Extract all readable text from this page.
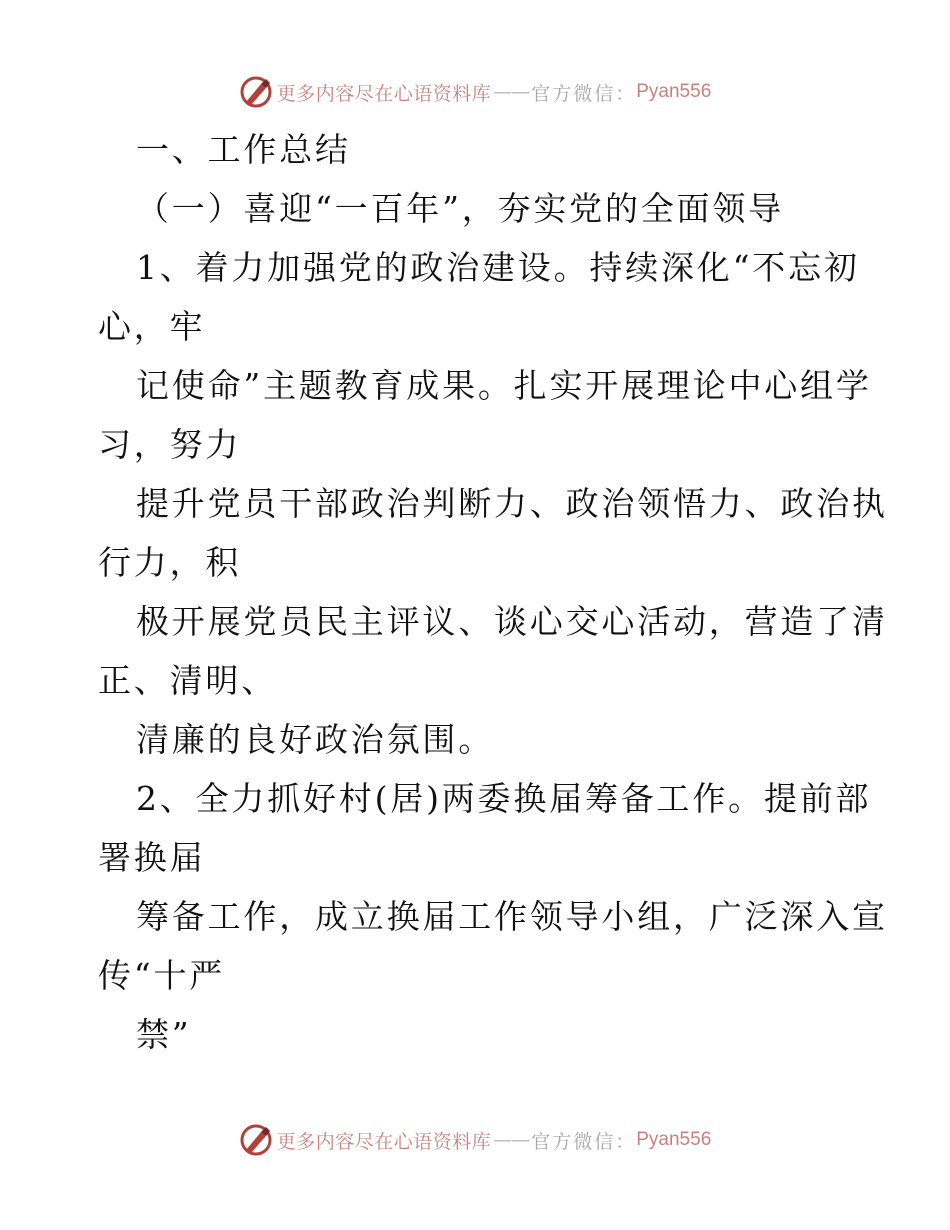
更多内容尽在心语资料库 —— 官方微信： Pyan556
一、工作总结
（一）喜迎“一百年”，夯实党的全面领导
1、着力加强党的政治建设。持续深化“不忘初
心，牢
记使命”主题教育成果。扎实开展理论中心组学
习，努力
提升党员干部政治判断力、政治领悟力、政治执
行力，积
极开展党员民主评议、谈心交心活动，营造了清
正、清明、
清廉的良好政治氛围。
2、全力抓好村(居)两委换届筹备工作。提前部
署换届
筹备工作，成立换届工作领导小组，广泛深入宣
传“十严
禁”
更多内容尽在心语资料库 —— 官方微信： Pyan556
